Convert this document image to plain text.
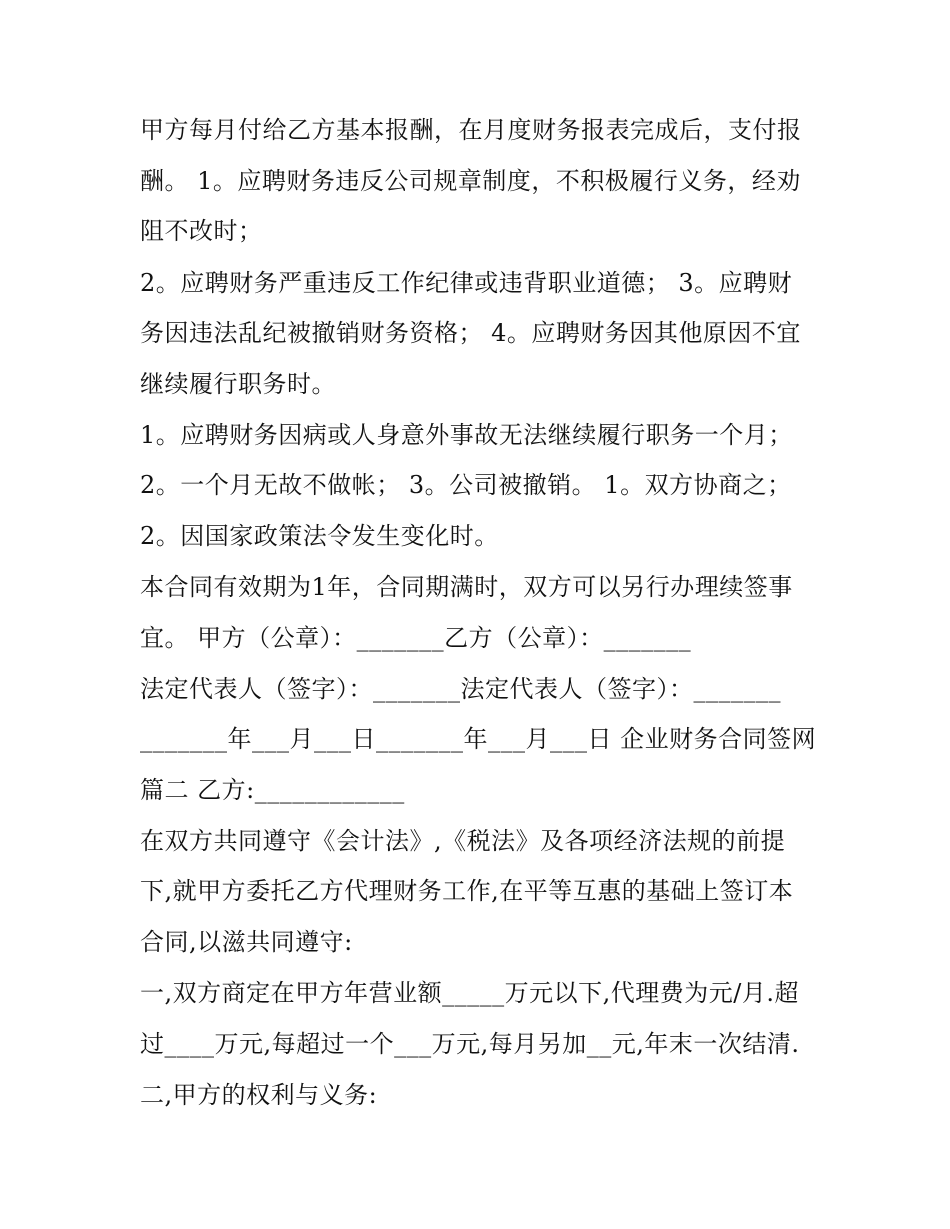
甲方每月付给乙方基本报酬，在月度财务报表完成后，支付报
酬。 1。应聘财务违反公司规章制度，不积极履行义务，经劝
阻不改时；
2。应聘财务严重违反工作纪律或违背职业道德； 3。应聘财
务因违法乱纪被撤销财务资格； 4。应聘财务因其他原因不宜
继续履行职务时。
1。应聘财务因病或人身意外事故无法继续履行职务一个月；
2。一个月无故不做帐； 3。公司被撤销。 1。双方协商之；
2。因国家政策法令发生变化时。
本合同有效期为1年，合同期满时，双方可以另行办理续签事
宜。 甲方（公章）：_______乙方（公章）：_______
法定代表人（签字）：_______法定代表人（签字）：_______
_______年___月___日_______年___月___日 企业财务合同签网
篇二 乙方:____________
在双方共同遵守《会计法》,《税法》及各项经济法规的前提
下,就甲方委托乙方代理财务工作,在平等互惠的基础上签订本
合同,以滋共同遵守:
一,双方商定在甲方年营业额_____万元以下,代理费为元/月.超
过____万元,每超过一个___万元,每月另加__元,年末一次结清.
二,甲方的权利与义务:
